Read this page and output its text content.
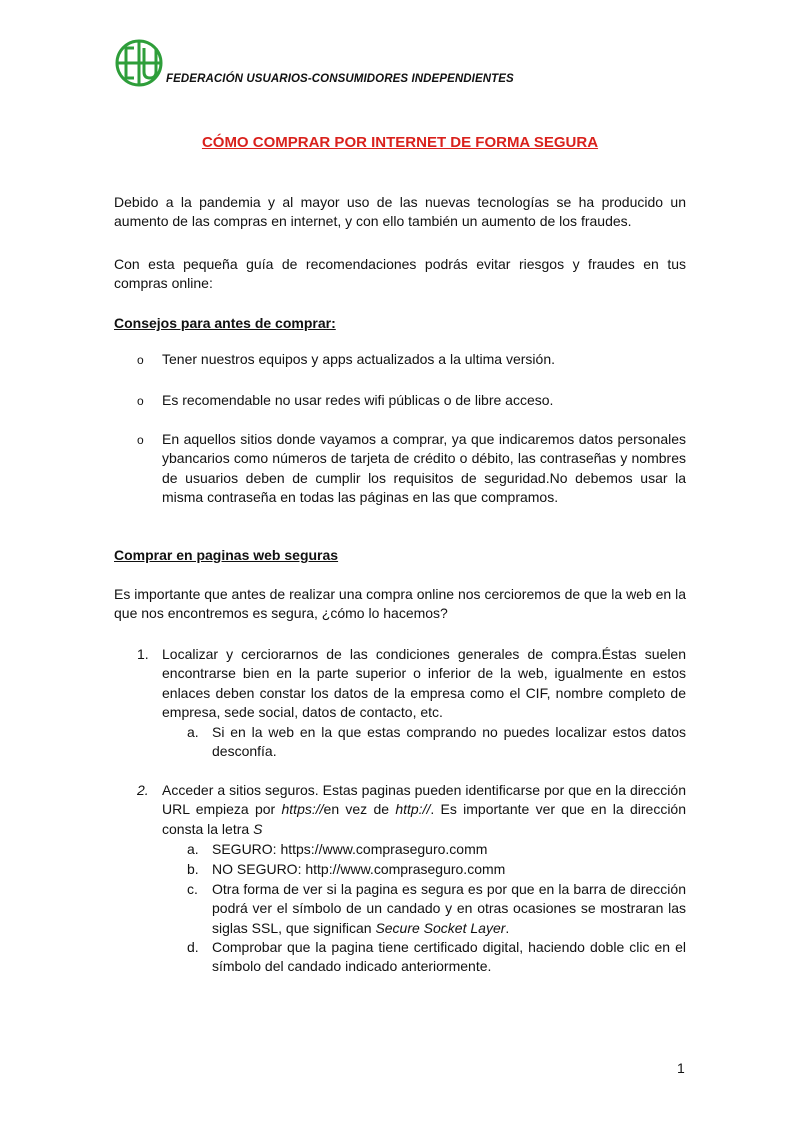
FEDERACIÓN USUARIOS-CONSUMIDORES INDEPENDIENTES
CÓMO COMPRAR POR INTERNET DE FORMA SEGURA
Debido a la pandemia y al mayor uso de las nuevas tecnologías se ha producido un aumento de las compras en internet, y con ello también un aumento de los fraudes.
Con esta pequeña guía de recomendaciones podrás evitar riesgos y fraudes en tus compras online:
Consejos para antes de comprar:
o Tener nuestros equipos y apps actualizados a la ultima versión.
o Es recomendable no usar redes wifi públicas o de libre acceso.
o En aquellos sitios donde vayamos a comprar, ya que indicaremos datos personales ybancarios como números de tarjeta de crédito o débito, las contraseñas y nombres de usuarios deben de cumplir los requisitos de seguridad.No debemos usar la misma contraseña en todas las páginas en las que compramos.
Comprar en paginas web seguras
Es importante que antes de realizar una compra online nos cercioremos de que la web en la que nos encontremos es segura, ¿cómo lo hacemos?
1. Localizar y cerciorarnos de las condiciones generales de compra.Éstas suelen encontrarse bien en la parte superior o inferior de la web, igualmente en estos enlaces deben constar los datos de la empresa como el CIF, nombre completo de empresa, sede social, datos de contacto, etc.
a. Si en la web en la que estas comprando no puedes localizar estos datos desconfía.
2. Acceder a sitios seguros. Estas paginas pueden identificarse por que en la dirección URL empieza por https://en vez de http://. Es importante ver que en la dirección consta la letra S
a. SEGURO: https://www.compraseguro.comm
b. NO SEGURO: http://www.compraseguro.comm
c. Otra forma de ver si la pagina es segura es por que en la barra de dirección podrá ver el símbolo de un candado y en otras ocasiones se mostraran las siglas SSL, que significan Secure Socket Layer.
d. Comprobar que la pagina tiene certificado digital, haciendo doble clic en el símbolo del candado indicado anteriormente.
1
